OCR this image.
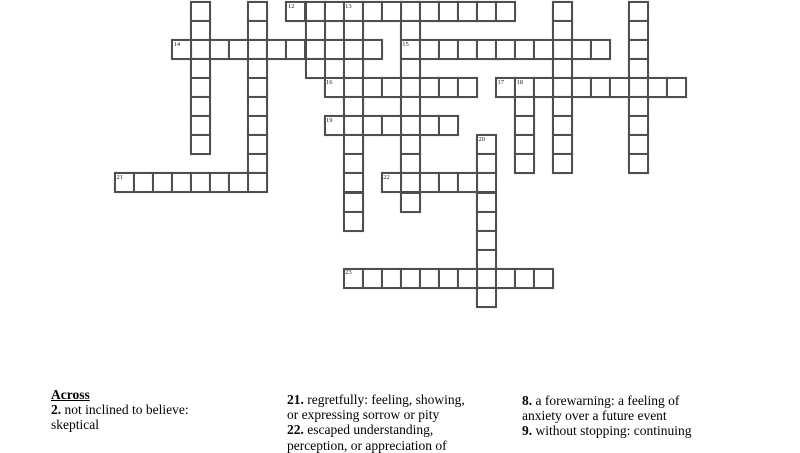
12	13
14	15
16	17 18
19
20
21	22
23
Across
2. not inclined to believe:
skeptical
21. regretfully: feeling, showing,
or expressing sorrow or pity
22. escaped understanding,
perception, or appreciation of
8. a forewarning: a feeling of
anxiety over a future event
9. without stopping: continuing
